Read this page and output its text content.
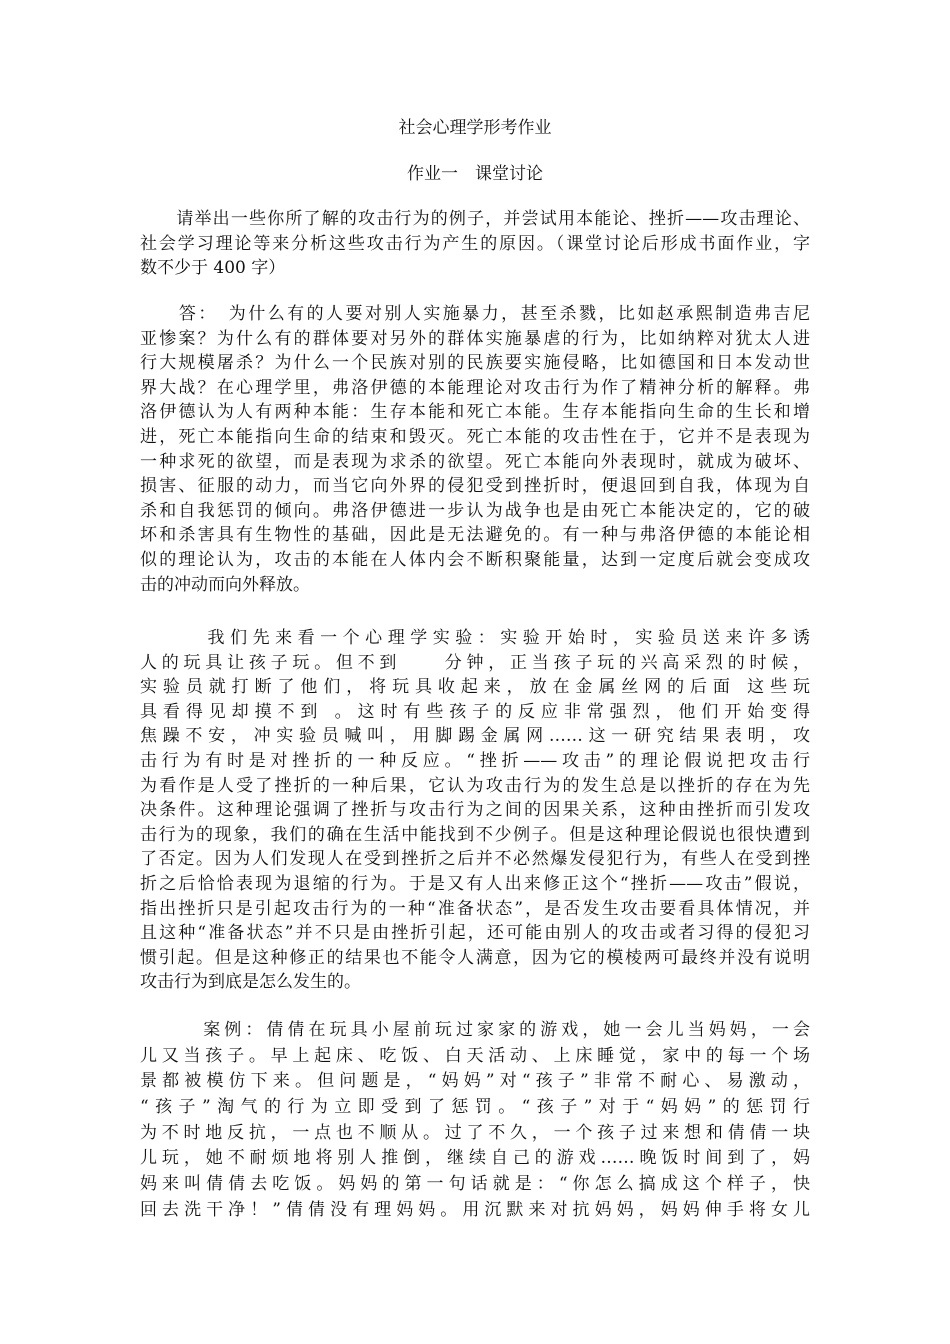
社会心理学形考作业
作业一　课堂讨论
　　请举出一些你所了解的攻击行为的例子，并尝试用本能论、挫折——攻击理论、
社会学习理论等来分析这些攻击行为产生的原因。（课堂讨论后形成书面作业，字
数不少于 400 字）
　　答：　为什么有的人要对别人实施暴力，甚至杀戮，比如赵承熙制造弗吉尼
亚惨案？为什么有的群体要对另外的群体实施暴虐的行为，比如纳粹对犹太人进
行大规模屠杀？为什么一个民族对别的民族要实施侵略，比如德国和日本发动世
界大战？在心理学里，弗洛伊德的本能理论对攻击行为作了精神分析的解释。弗
洛伊德认为人有两种本能：生存本能和死亡本能。生存本能指向生命的生长和增
进，死亡本能指向生命的结束和毁灭。死亡本能的攻击性在于，它并不是表现为
一种求死的欲望，而是表现为求杀的欲望。死亡本能向外表现时，就成为破坏、
损害、征服的动力，而当它向外界的侵犯受到挫折时，便退回到自我，体现为自
杀和自我惩罚的倾向。弗洛伊德进一步认为战争也是由死亡本能决定的，它的破
坏和杀害具有生物性的基础，因此是无法避免的。有一种与弗洛伊德的本能论相
似的理论认为，攻击的本能在人体内会不断积聚能量，达到一定度后就会变成攻
击的冲动而向外释放。
　　　我们先来看一个心理学实验：实验开始时，实验员送来许多诱
人的玩具让孩子玩。但不到　　分钟，正当孩子玩的兴高采烈的时候，
实验员就打断了他们，将玩具收起来，放在金属丝网的后面 这些玩
具看得见却摸不到 。这时有些孩子的反应非常强烈，他们开始变得
焦躁不安，冲实验员喊叫，用脚踢金属网……这一研究结果表明，攻
击行为有时是对挫折的一种反应。“挫折——攻击”的理论假说把攻击行
为看作是人受了挫折的一种后果，它认为攻击行为的发生总是以挫折的存在为先
决条件。这种理论强调了挫折与攻击行为之间的因果关系，这种由挫折而引发攻
击行为的现象，我们的确在生活中能找到不少例子。但是这种理论假说也很快遭到
了否定。因为人们发现人在受到挫折之后并不必然爆发侵犯行为，有些人在受到挫
折之后恰恰表现为退缩的行为。于是又有人出来修正这个“挫折——攻击”假说，
指出挫折只是引起攻击行为的一种“准备状态”，是否发生攻击要看具体情况，并
且这种“准备状态”并不只是由挫折引起，还可能由别人的攻击或者习得的侵犯习
惯引起。但是这种修正的结果也不能令人满意，因为它的模棱两可最终并没有说明
攻击行为到底是怎么发生的。
　　　案例：倩倩在玩具小屋前玩过家家的游戏，她一会儿当妈妈，一会
儿又当孩子。早上起床、吃饭、白天活动、上床睡觉，家中的每一个场
景都被模仿下来。但问题是，“妈妈”对“孩子”非常不耐心、易激动，
“孩子”淘气的行为立即受到了惩罚。“孩子”对于“妈妈”的惩罚行
为不时地反抗，一点也不顺从。过了不久，一个孩子过来想和倩倩一块
儿玩，她不耐烦地将别人推倒，继续自己的游戏……晚饭时间到了，妈
妈来叫倩倩去吃饭。妈妈的第一句话就是：“你怎么搞成这个样子，快
回去洗干净！”倩倩没有理妈妈。用沉默来对抗妈妈，妈妈伸手将女儿
